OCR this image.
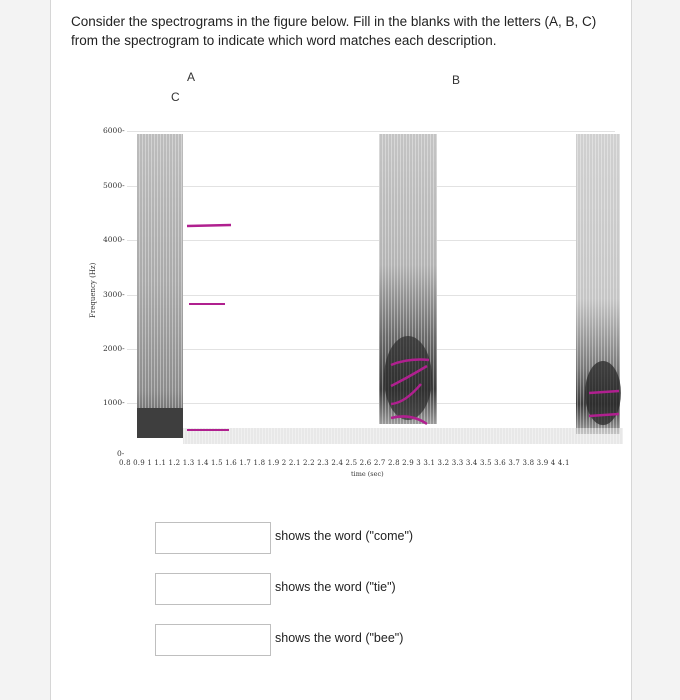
Consider the spectrograms in the figure below. Fill in the blanks with the letters (A, B, C) from the spectrogram to indicate which word matches each description.
A	B
C
Frequency (Hz)
6000-
5000-
4000-
3000-
2000-
1000-
0-
0.8 0.9 1 1.1 1.2 1.3 1.4 1.5 1.6 1.7 1.8 1.9 2 2.1 2.2 2.3 2.4 2.5 2.6 2.7 2.8 2.9 3 3.1 3.2 3.3 3.4 3.5 3.6 3.7 3.8 3.9 4 4.1
time (sec)
shows the word ("come")
shows the word ("tie")
shows the word ("bee")
